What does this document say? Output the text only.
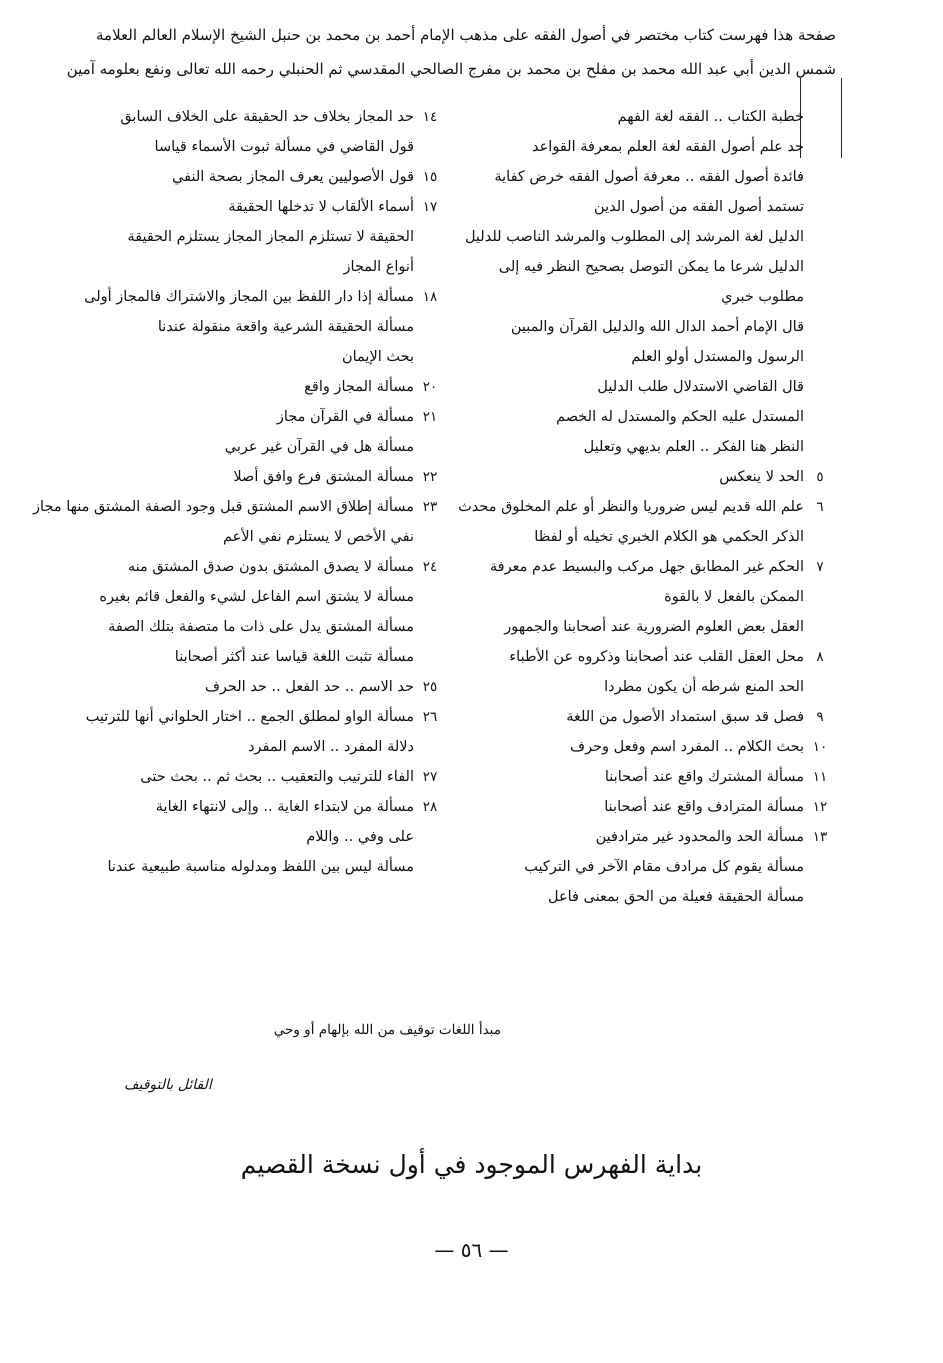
صفحة هذا فهرست كتاب مختصر في أصول الفقه على مذهب الإمام أحمد بن محمد بن حنبل الشيخ الإسلام العالم العلامة
شمس الدين أبي عبد الله محمد بن مفلح بن محمد بن مفرج الصالحي المقدسي ثم الحنبلي رحمه الله تعالى ونفع بعلومه آمين
خطبة الكتاب .. الفقه لغة الفهم
حد علم أصول الفقه لغة العلم بمعرفة القواعد
فائدة أصول الفقه .. معرفة أصول الفقه خرض كفاية
تستمد أصول الفقه من أصول الدين
الدليل لغة المرشد إلى المطلوب والمرشد الناصب للدليل
الدليل شرعا ما يمكن التوصل بصحيح النظر فيه إلى
مطلوب خبري
قال الإمام أحمد الدال الله والدليل القرآن والمبين
الرسول والمستدل أولو العلم
قال القاضي الاستدلال طلب الدليل
المستدل عليه الحكم والمستدل له الخصم
النظر هنا الفكر .. العلم بديهي وتعليل
٥
الحد لا ينعكس
٦
علم الله قديم ليس ضروريا والنظر أو علم المخلوق محدث
الذكر الحكمي هو الكلام الخبري تخيله أو لفظا
٧
الحكم غير المطابق جهل مركب والبسيط عدم معرفة
الممكن بالفعل لا بالقوة
العقل بعض العلوم الضرورية عند أصحابنا والجمهور
٨
محل العقل القلب عند أصحابنا وذكروه عن الأطباء
الحد المنع شرطه أن يكون مطردا
٩
فصل قد سبق استمداد الأصول من اللغة
١٠
بحث الكلام .. المفرد اسم وفعل وحرف
١١
مسألة المشترك واقع عند أصحابنا
١٢
مسألة المترادف واقع عند أصحابنا
١٣
مسألة الحد والمحدود غير مترادفين
مسألة يقوم كل مرادف مقام الآخر في التركيب
مسألة الحقيقة فعيلة من الحق بمعنى فاعل
١٤
حد المجاز بخلاف حد الحقيقة على الخلاف السابق
قول القاضي في مسألة ثبوت الأسماء قياسا
١٥
قول الأصوليين يعرف المجاز بصحة النفي
١٧
أسماء الألقاب لا تدخلها الحقيقة
الحقيقة لا تستلزم المجاز المجاز يستلزم الحقيقة
أنواع المجاز
١٨
مسألة إذا دار اللفظ بين المجاز والاشتراك فالمجاز أولى
مسألة الحقيقة الشرعية واقعة منقولة عندنا
بحث الإيمان
٢٠
مسألة المجاز واقع
٢١
مسألة في القرآن مجاز
مسألة هل في القرآن غير عربي
٢٢
مسألة المشتق فرع وافق أصلا
٢٣
مسألة إطلاق الاسم المشتق قبل وجود الصفة المشتق منها مجاز
نفي الأخص لا يستلزم نفي الأعم
٢٤
مسألة لا يصدق المشتق بدون صدق المشتق منه
مسألة لا يشتق اسم الفاعل لشيء والفعل قائم بغيره
مسألة المشتق يدل على ذات ما متصفة بتلك الصفة
مسألة تثبت اللغة قياسا عند أكثر أصحابنا
٢٥
حد الاسم .. حد الفعل .. حد الحرف
٢٦
مسألة الواو لمطلق الجمع .. اختار الحلواني أنها للترتيب
دلالة المفرد .. الاسم المفرد
٢٧
الفاء للترتيب والتعقيب .. بحث ثم .. بحث حتى
٢٨
مسألة من لابتداء الغاية .. وإلى لانتهاء الغاية
على وفي .. واللام
مسألة ليس بين اللفظ ومدلوله مناسبة طبيعية عندنا
مبدأ اللغات توقيف من الله بإلهام أو وحي
القائل بالتوقيف
بداية الفهرس الموجود في أول نسخة القصيم
— ٥٦ —
